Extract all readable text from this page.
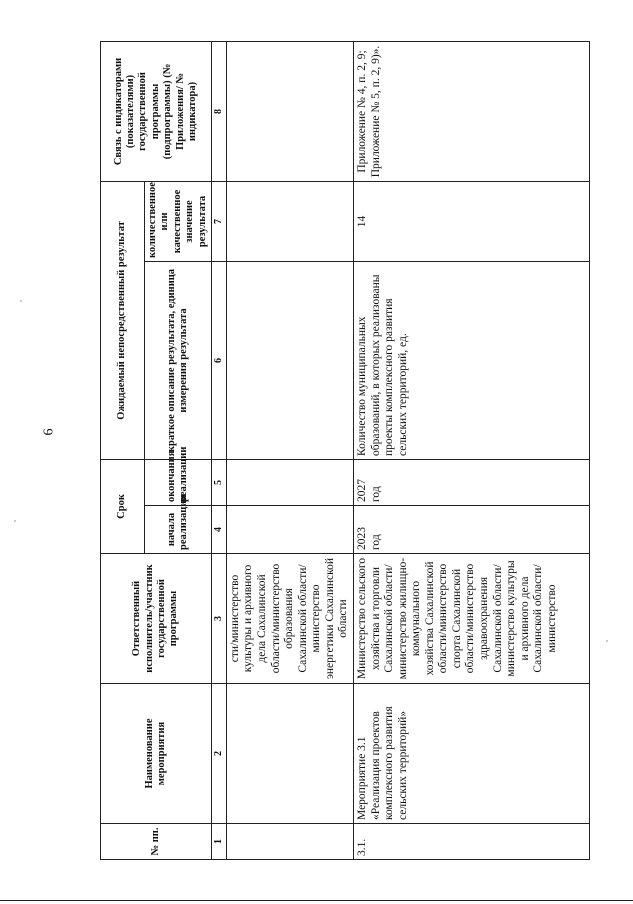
6
№ пп.	Наименование мероприятия	Ответственный исполнитель/участник государственной программы	Срок		Ожидаемый непосредственный результат		Связь с индикаторами (показателями) государственной программы (подпрограммы) (№ Приложения/ № индикатора)
			начала реализации	окончания реализации	краткое описание результата, единица измерения результата	количественное или качественное значение результата	
1	2	3	4	5	6	7	8
		сти/министерство культуры и архивного дела Сахалинской области/министерство образования Сахалинской области/министерство энергетики Сахалинской области					
3.1.	Мероприятие 3.1 «Реализация проектов комплексного развития сельских территорий»	Министерство сельского хозяйства и торговли Сахалинской области/министерство жилищно-коммунального хозяйства Сахалинской области/министерство спорта Сахалинской области/министерство здравоохранения Сахалинской области/министерство культуры и архивного дела Сахалинской области/министерство	2023 год	2027 год	Количество муниципальных образований, в которых реализованы проекты комплексного развития сельских территорий, ед.	14	Приложение № 4, п. 2, 9; Приложение № 5, п. 2, 9)».
